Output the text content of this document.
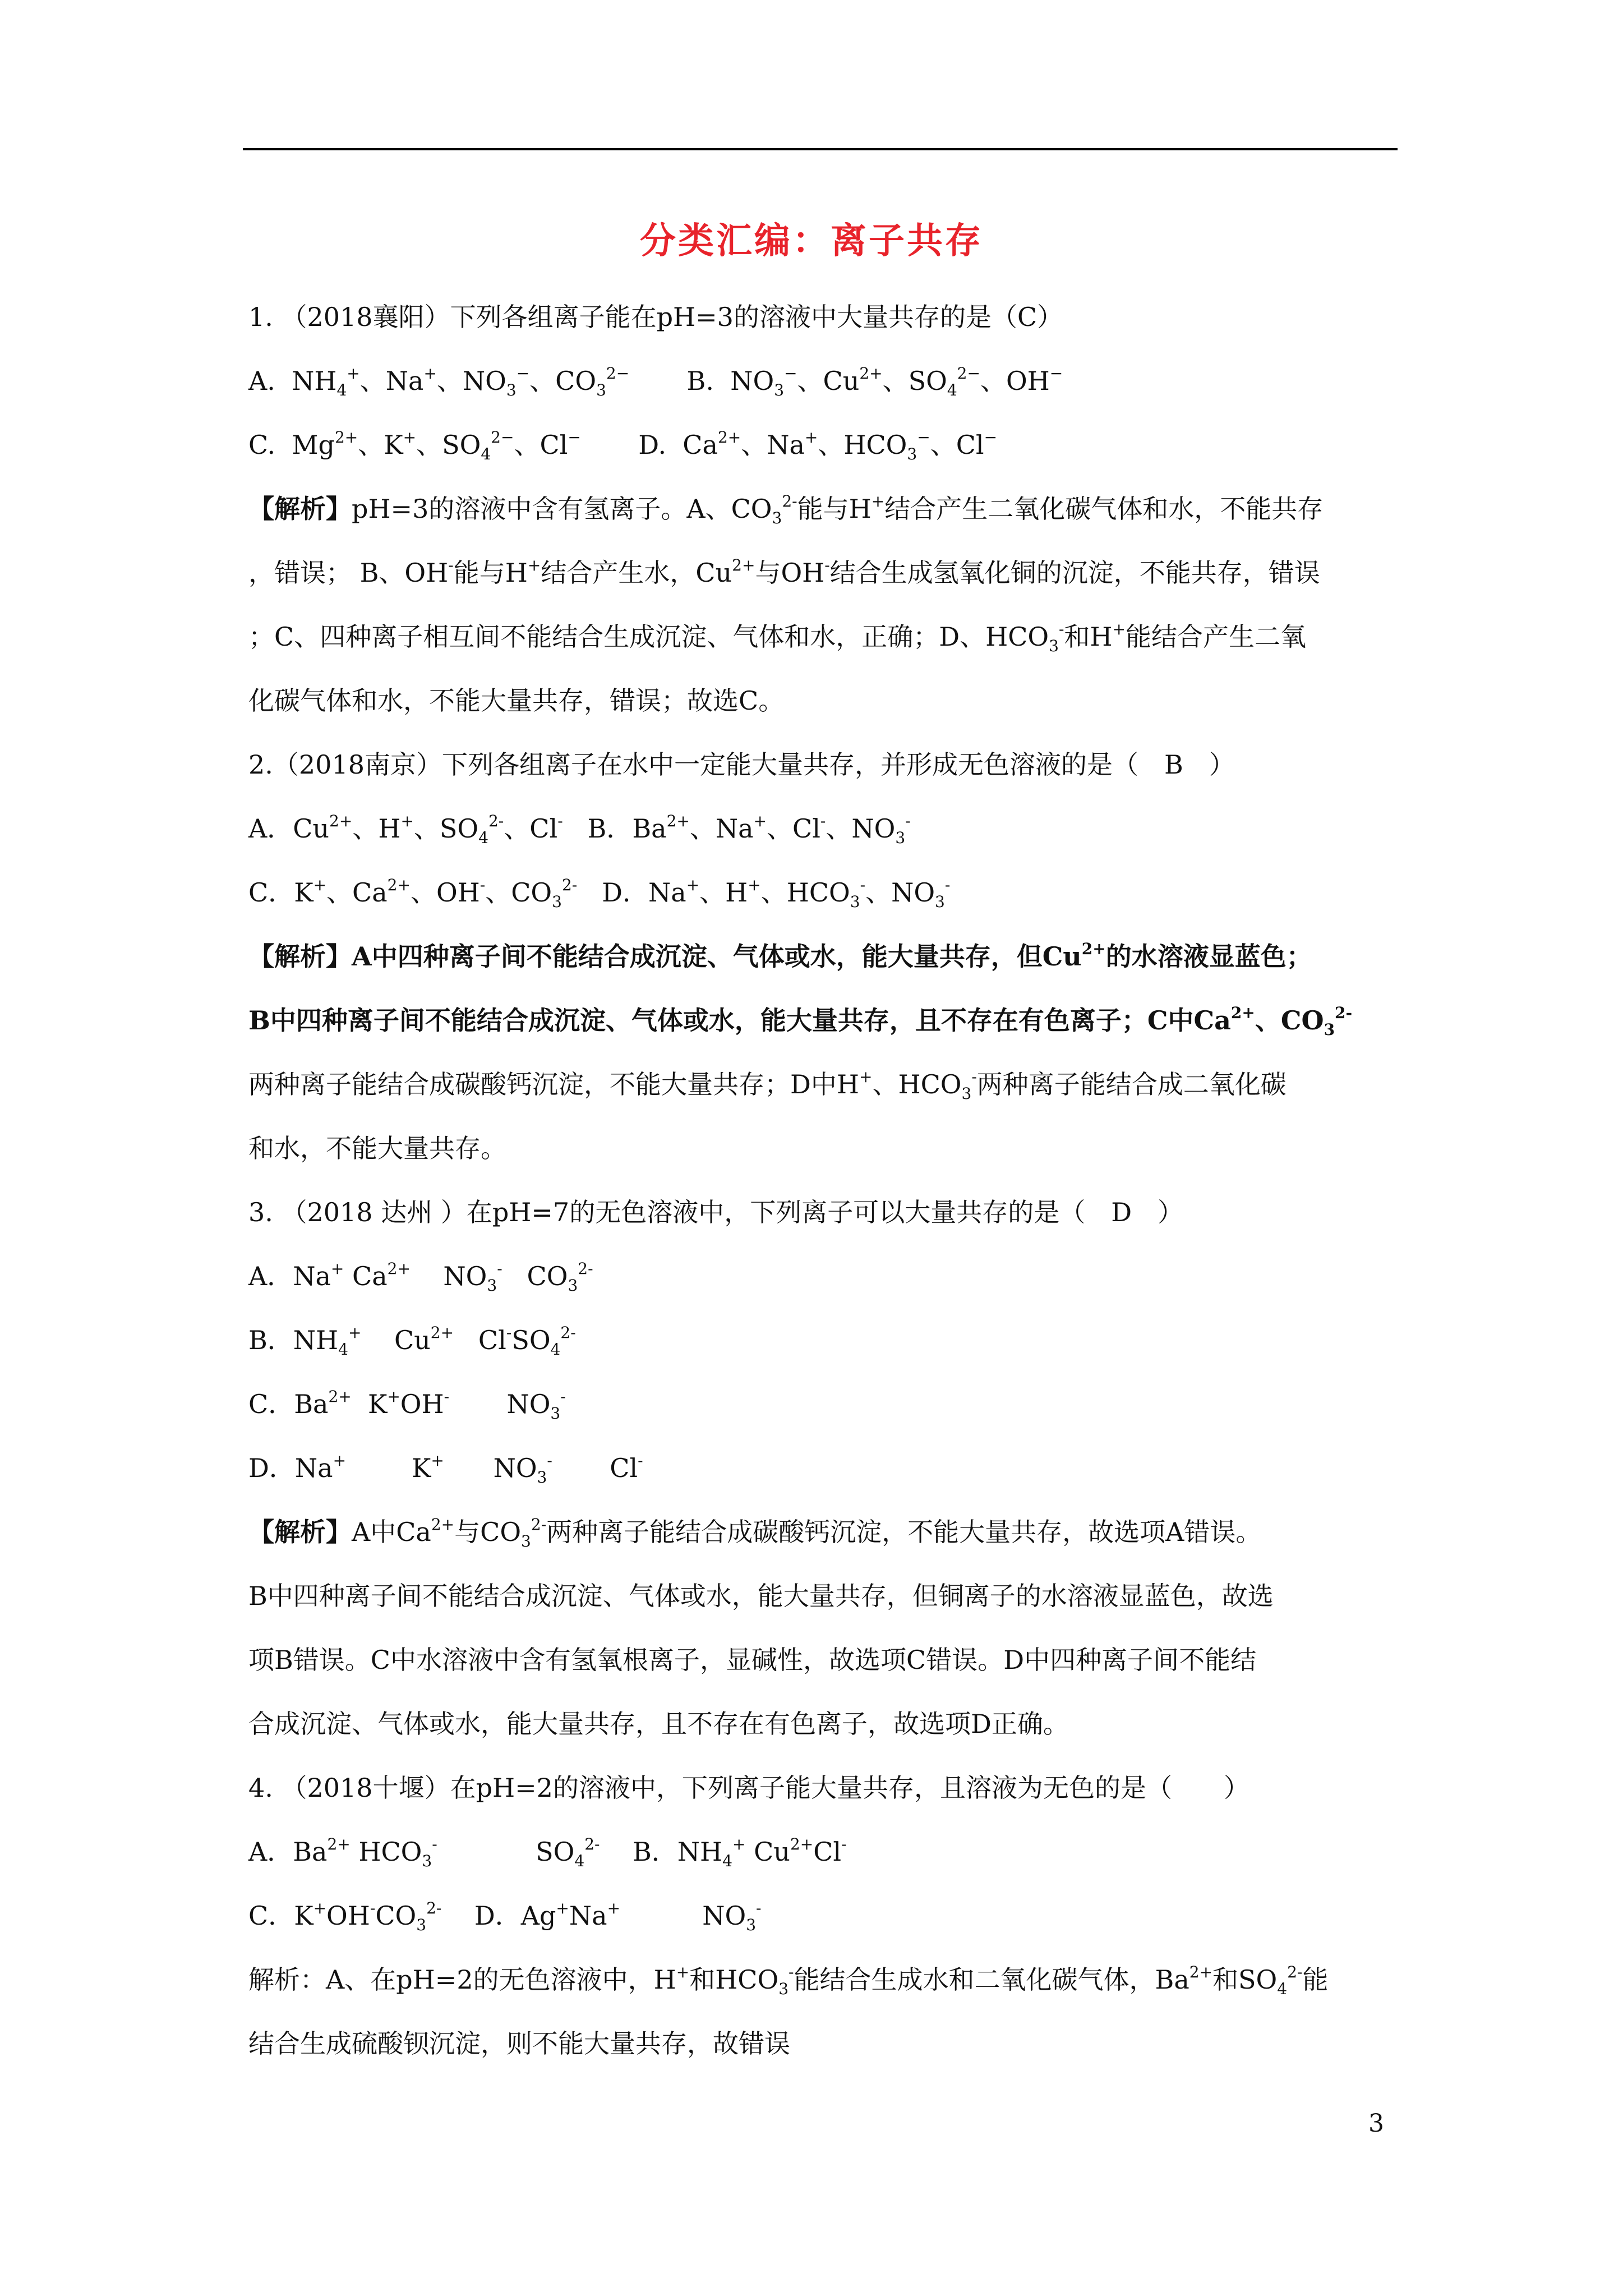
分类汇编：离子共存
1. （2018襄阳）下列各组离子能在pH=3的溶液中大量共存的是（C）
A.  $NH_4^+$、Na+、$NO_3^-$、$CO_3^{2-}$       B.  $NO_3^-$、$Cu^{2+}$、$SO_4^{2-}$、OH−
C.  $Mg^{2+}$、K+、$SO_4^{2-}$、Cl−       D.  $Ca^{2+}$、Na+、$HCO_3^-$、Cl−
【解析】pH=3的溶液中含有氢离子。A、$CO_3^{2-}$能与H+结合产生二氧化碳气体和水，不能共存
，错误； B、OH-能与H+结合产生水，$Cu^{2+}$与OH-结合生成氢氧化铜的沉淀，不能共存，错误
；C、四种离子相互间不能结合生成沉淀、气体和水，正确；D、$HCO_3^-$和H+能结合产生二氧
化碳气体和水，不能大量共存，错误；故选C。
2.（2018南京）下列各组离子在水中一定能大量共存，并形成无色溶液的是（　B　）
A．$Cu^{2+}$、H+、$SO_4^{2-}$、Cl-   B．$Ba^{2+}$、Na+、Cl-、$NO_3^-$
C．K+、$Ca^{2+}$、OH-、$CO_3^{2-}$   D．Na+、H+、$HCO_3^-$、$NO_3^-$
【解析】A中四种离子间不能结合成沉淀、气体或水，能大量共存，但$Cu^{2+}$的水溶液显蓝色；
B中四种离子间不能结合成沉淀、气体或水，能大量共存，且不存在有色离子；C中$Ca^{2+}$、$CO_3^{2-}$
两种离子能结合成碳酸钙沉淀，不能大量共存；D中H+、$HCO_3^-$两种离子能结合成二氧化碳
和水，不能大量共存。
3. （2018 达州 ）在pH=7的无色溶液中，下列离子可以大量共存的是（　D　）
A．Na+ $Ca^{2+}$    $NO_3^-$   $CO_3^{2-}$
B．$NH_4^+$    $Cu^{2+}$   $Cl^-SO_4^{2-}$
C．$Ba^{2+}$  K+OH-       $NO_3^-$
D．Na+        K+      $NO_3^-$       Cl-
【解析】A中$Ca^{2+}$与$CO_3^{2-}$两种离子能结合成碳酸钙沉淀，不能大量共存，故选项A错误。
B中四种离子间不能结合成沉淀、气体或水，能大量共存，但铜离子的水溶液显蓝色，故选
项B错误。C中水溶液中含有氢氧根离子，显碱性，故选项C错误。D中四种离子间不能结
合成沉淀、气体或水，能大量共存，且不存在有色离子，故选项D正确。
4. （2018十堰）在pH=2的溶液中，下列离子能大量共存，且溶液为无色的是（　　）
A．$Ba^{2+}$ $HCO_3^-$            $SO_4^{2-}$    B．$NH_4^+$ $Cu^{2+}Cl^-$
C．$K^+OH^-CO_3^{2-}$    D．Ag+Na+          $NO_3^-$
解析：A、在pH=2的无色溶液中，H+和$HCO_3^-$能结合生成水和二氧化碳气体，$Ba^{2+}$和$SO_4^{2-}$能
结合生成硫酸钡沉淀，则不能大量共存，故错误
3
